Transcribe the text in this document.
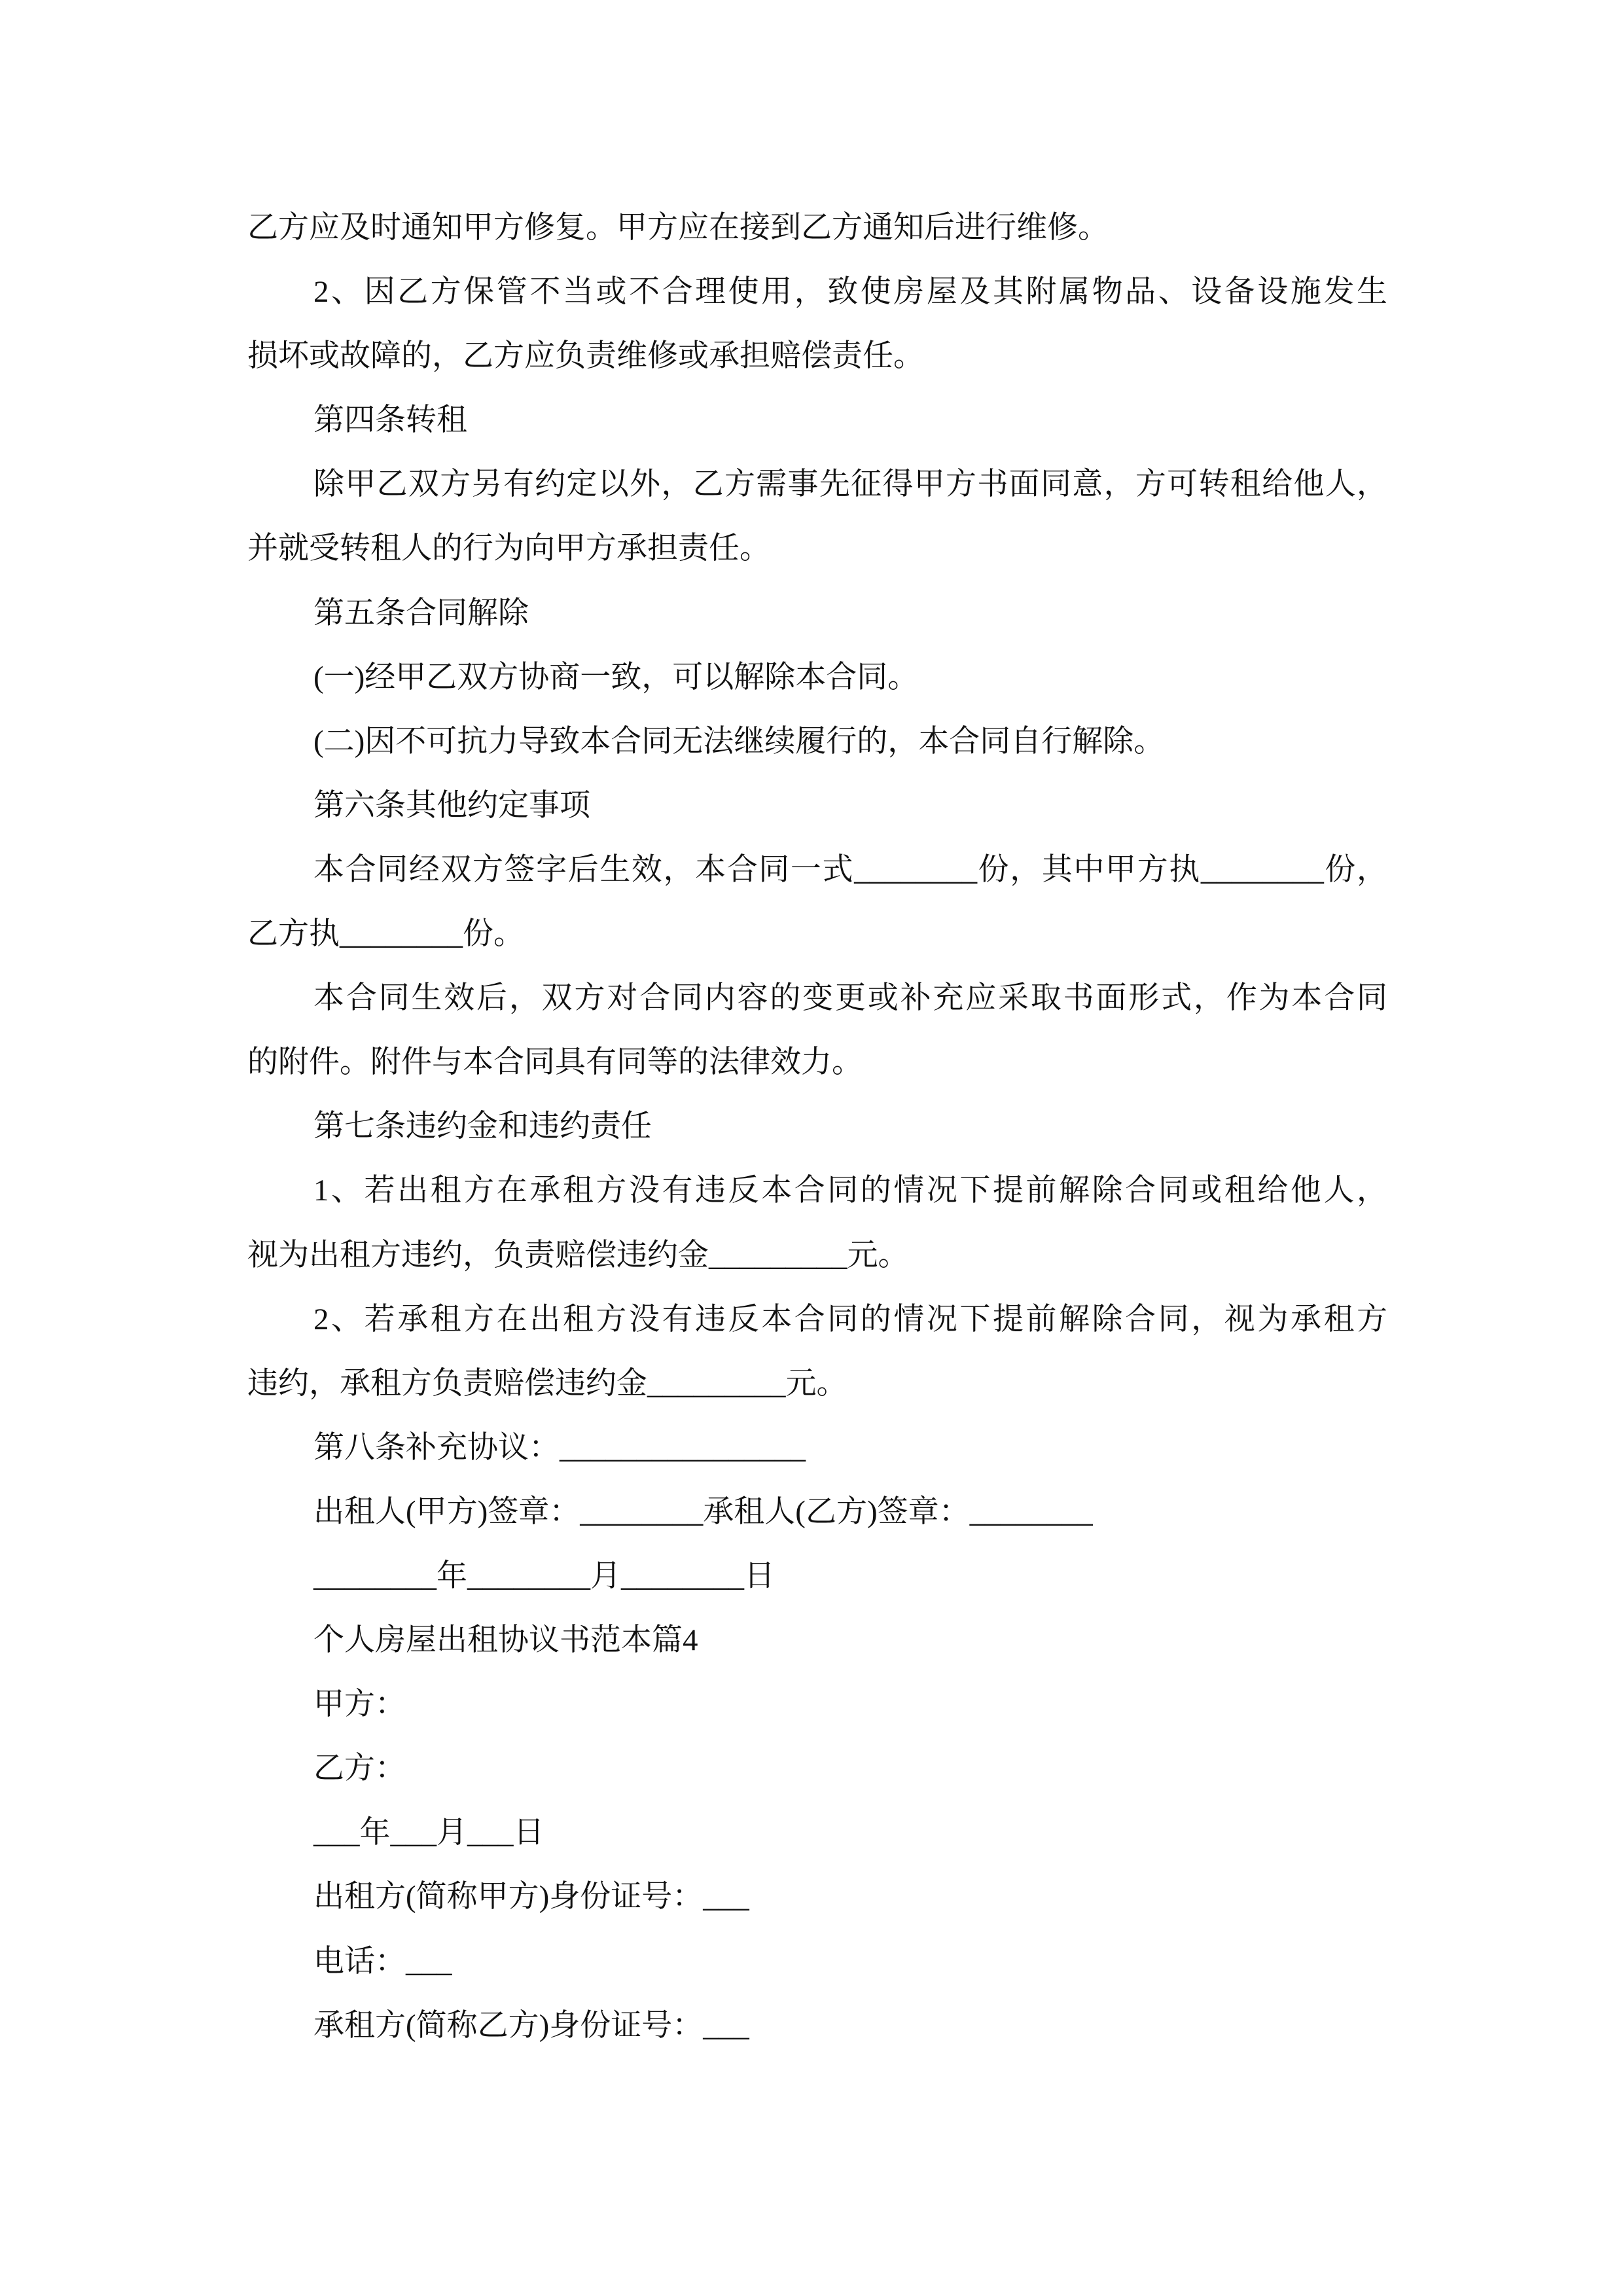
乙方应及时通知甲方修复。甲方应在接到乙方通知后进行维修。

2、因乙方保管不当或不合理使用，致使房屋及其附属物品、设备设施发生
损坏或故障的，乙方应负责维修或承担赔偿责任。

第四条转租

除甲乙双方另有约定以外，乙方需事先征得甲方书面同意，方可转租给他人，
并就受转租人的行为向甲方承担责任。

第五条合同解除

(一)经甲乙双方协商一致，可以解除本合同。

(二)因不可抗力导致本合同无法继续履行的，本合同自行解除。

第六条其他约定事项

本合同经双方签字后生效，本合同一式________份，其中甲方执________份，
乙方执________份。

本合同生效后，双方对合同内容的变更或补充应采取书面形式，作为本合同
的附件。附件与本合同具有同等的法律效力。

第七条违约金和违约责任

1、若出租方在承租方没有违反本合同的情况下提前解除合同或租给他人，
视为出租方违约，负责赔偿违约金_________元。

2、若承租方在出租方没有违反本合同的情况下提前解除合同，视为承租方
违约，承租方负责赔偿违约金_________元。

第八条补充协议：________________

出租人(甲方)签章：________承租人(乙方)签章：________

________年________月________日

个人房屋出租协议书范本篇4

甲方：

乙方：

___年___月___日

出租方(简称甲方)身份证号：___

电话：___

承租方(简称乙方)身份证号：___
